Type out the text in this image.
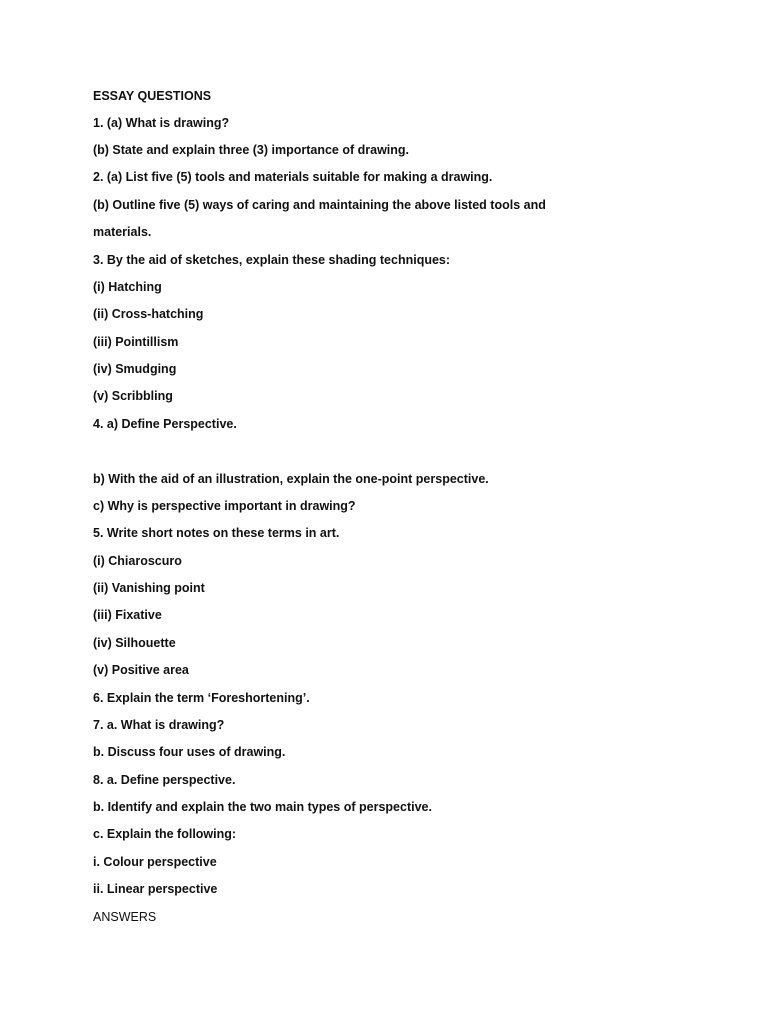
ESSAY QUESTIONS
1. (a) What is drawing?
(b) State and explain three (3) importance of drawing.
2. (a) List five (5) tools and materials suitable for making a drawing.
(b) Outline five (5) ways of caring and maintaining the above listed tools and
materials.
3. By the aid of sketches, explain these shading techniques:
(i) Hatching
(ii) Cross-hatching
(iii) Pointillism
(iv) Smudging
(v) Scribbling
4. a) Define Perspective.
b) With the aid of an illustration, explain the one-point perspective.
c) Why is perspective important in drawing?
5. Write short notes on these terms in art.
(i) Chiaroscuro
(ii) Vanishing point
(iii) Fixative
(iv) Silhouette
(v) Positive area
6. Explain the term ‘Foreshortening’.
7. a. What is drawing?
b. Discuss four uses of drawing.
8. a. Define perspective.
b. Identify and explain the two main types of perspective.
c. Explain the following:
i. Colour perspective
ii. Linear perspective
ANSWERS
